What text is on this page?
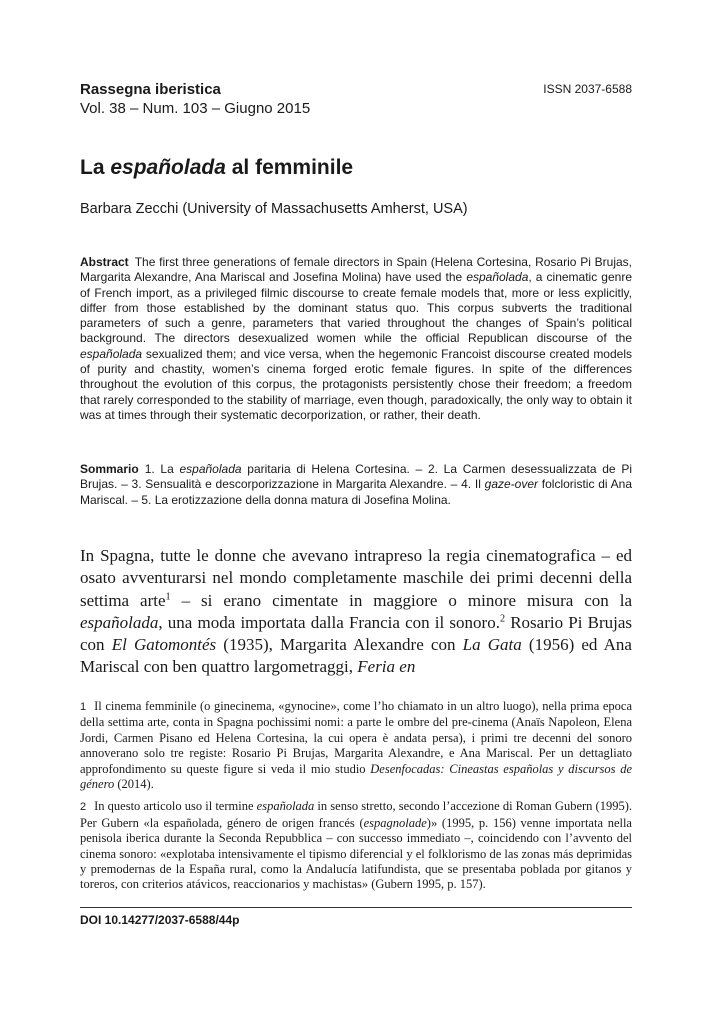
Rassegna iberistica
Vol. 38 – Num. 103 – Giugno 2015
ISSN 2037-6588
La españolada al femminile
Barbara Zecchi (University of Massachusetts Amherst, USA)
Abstract The first three generations of female directors in Spain (Helena Cortesina, Rosario Pi Brujas, Margarita Alexandre, Ana Mariscal and Josefina Molina) have used the españolada, a cinematic genre of French import, as a privileged filmic discourse to create female models that, more or less explicitly, differ from those established by the dominant status quo. This corpus subverts the traditional parameters of such a genre, parameters that varied throughout the changes of Spain’s political background. The directors desexualized women while the official Republican discourse of the españolada sexualized them; and vice versa, when the hegemonic Francoist discourse created models of purity and chastity, women’s cinema forged erotic female figures. In spite of the differences throughout the evolution of this corpus, the protagonists persistently chose their freedom; a freedom that rarely corresponded to the stability of marriage, even though, paradoxically, the only way to obtain it was at times through their systematic decorporization, or rather, their death.
Sommario 1. La españolada paritaria di Helena Cortesina. – 2. La Carmen desessualizzata de Pi Brujas. – 3. Sensualità e descorporizzazione in Margarita Alexandre. – 4. Il gaze-over folcloristic di Ana Mariscal. – 5. La erotizzazione della donna matura di Josefina Molina.
In Spagna, tutte le donne che avevano intrapreso la regia cinematografica – ed osato avventurarsi nel mondo completamente maschile dei primi decenni della settima arte$^1$ – si erano cimentate in maggiore o minore misura con la españolada, una moda importata dalla Francia con il sonoro.$^2$ Rosario Pi Brujas con El Gatomontés (1935), Margarita Alexandre con La Gata (1956) ed Ana Mariscal con ben quattro largometraggi, Feria en

1 Il cinema femminile (o ginecinema, «gynocine», come l’ho chiamato in un altro luogo), nella prima epoca della settima arte, conta in Spagna pochissimi nomi: a parte le ombre del pre-cinema (Anaïs Napoleon, Elena Jordi, Carmen Pisano ed Helena Cortesina, la cui opera è andata persa), i primi tre decenni del sonoro annoverano solo tre registe: Rosario Pi Brujas, Margarita Alexandre, e Ana Mariscal. Per un dettagliato approfondimento su queste figure si veda il mio studio Desenfocadas: Cineastas españolas y discursos de género (2014).

2 In questo articolo uso il termine españolada in senso stretto, secondo l’accezione di Roman Gubern (1995). Per Gubern «la españolada, género de origen francés (espagnolade)» (1995, p. 156) venne importata nella penisola iberica durante la Seconda Repubblica – con successo immediato –, coincidendo con l’avvento del cinema sonoro: «explotaba intensivamente el tipismo diferencial y el folklorismo de las zonas más deprimidas y premodernas de la España rural, como la Andalucía latifundista, que se presentaba poblada por gitanos y toreros, con criterios atávicos, reaccionarios y machistas» (Gubern 1995, p. 157).

DOI 10.14277/2037-6588/44p
